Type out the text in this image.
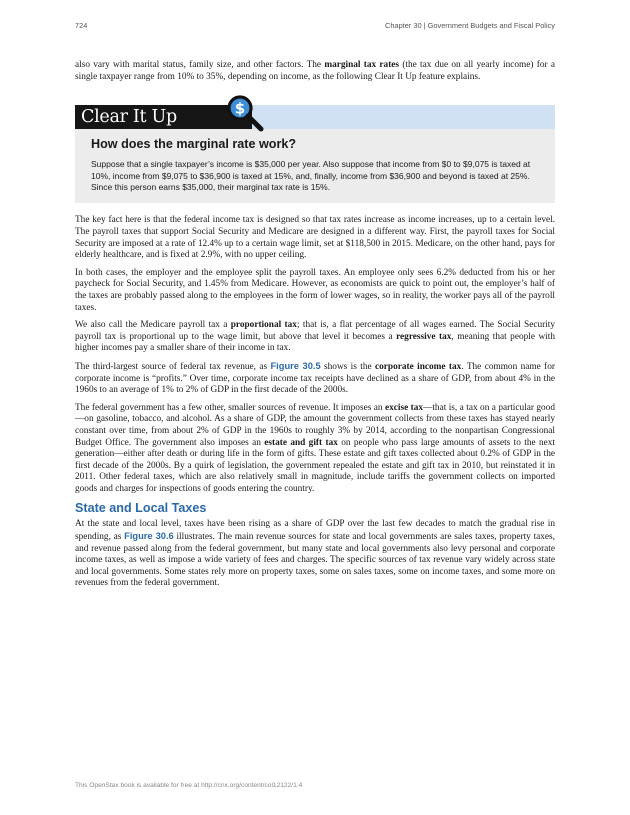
724	Chapter 30 | Government Budgets and Fiscal Policy

also vary with marital status, family size, and other factors. The marginal tax rates (the tax due on all yearly income) for a single taxpayer range from 10% to 35%, depending on income, as the following Clear It Up feature explains.

Clear It Up	$
How does the marginal rate work?

Suppose that a single taxpayer’s income is $35,000 per year. Also suppose that income from $0 to $9,075 is taxed at 10%, income from $9,075 to $36,900 is taxed at 15%, and, finally, income from $36,900 and beyond is taxed at 25%. Since this person earns $35,000, their marginal tax rate is 15%.

The key fact here is that the federal income tax is designed so that tax rates increase as income increases, up to a certain level. The payroll taxes that support Social Security and Medicare are designed in a different way. First, the payroll taxes for Social Security are imposed at a rate of 12.4% up to a certain wage limit, set at $118,500 in 2015. Medicare, on the other hand, pays for elderly healthcare, and is fixed at 2.9%, with no upper ceiling.

In both cases, the employer and the employee split the payroll taxes. An employee only sees 6.2% deducted from his or her paycheck for Social Security, and 1.45% from Medicare. However, as economists are quick to point out, the employer’s half of the taxes are probably passed along to the employees in the form of lower wages, so in reality, the worker pays all of the payroll taxes.

We also call the Medicare payroll tax a proportional tax; that is, a flat percentage of all wages earned. The Social Security payroll tax is proportional up to the wage limit, but above that level it becomes a regressive tax, meaning that people with higher incomes pay a smaller share of their income in tax.

The third-largest source of federal tax revenue, as Figure 30.5 shows is the corporate income tax. The common name for corporate income is “profits.” Over time, corporate income tax receipts have declined as a share of GDP, from about 4% in the 1960s to an average of 1% to 2% of GDP in the first decade of the 2000s.

The federal government has a few other, smaller sources of revenue. It imposes an excise tax—that is, a tax on a particular good—on gasoline, tobacco, and alcohol. As a share of GDP, the amount the government collects from these taxes has stayed nearly constant over time, from about 2% of GDP in the 1960s to roughly 3% by 2014, according to the nonpartisan Congressional Budget Office. The government also imposes an estate and gift tax on people who pass large amounts of assets to the next generation—either after death or during life in the form of gifts. These estate and gift taxes collected about 0.2% of GDP in the first decade of the 2000s. By a quirk of legislation, the government repealed the estate and gift tax in 2010, but reinstated it in 2011. Other federal taxes, which are also relatively small in magnitude, include tariffs the government collects on imported goods and charges for inspections of goods entering the country.

State and Local Taxes

At the state and local level, taxes have been rising as a share of GDP over the last few decades to match the gradual rise in spending, as Figure 30.6 illustrates. The main revenue sources for state and local governments are sales taxes, property taxes, and revenue passed along from the federal government, but many state and local governments also levy personal and corporate income taxes, as well as impose a wide variety of fees and charges. The specific sources of tax revenue vary widely across state and local governments. Some states rely more on property taxes, some on sales taxes, some on income taxes, and some more on revenues from the federal government.

This OpenStax book is available for free at http://cnx.org/content/col12122/1.4
